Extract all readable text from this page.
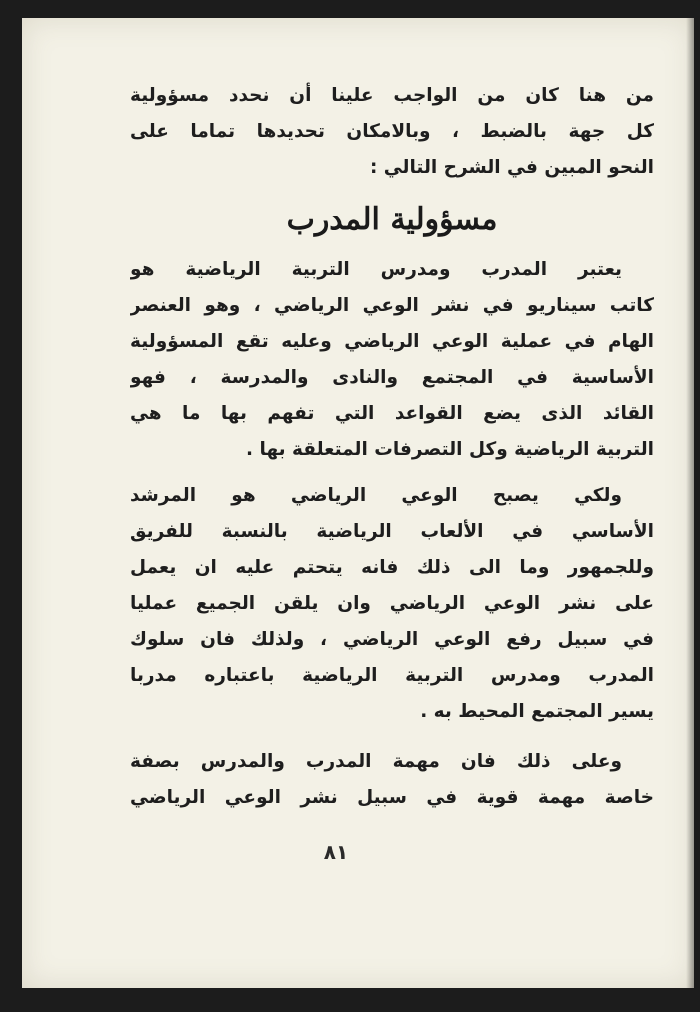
من هنا كان من الواجب علينا أن نحدد مسؤولية
كل جهة بالضبط ، وبالامكان تحديدها تماما على
النحو المبين في الشرح التالي :
مسؤولية المدرب
يعتبر المدرب ومدرس التربية الرياضية هو
كاتب سيناريو في نشر الوعي الرياضي ، وهو العنصر
الهام في عملية الوعي الرياضي وعليه تقع المسؤولية
الأساسية في المجتمع والنادى والمدرسة ، فهو
القائد الذى يضع القواعد التي تفهم بها ما هي
التربية الرياضية وكل التصرفات المتعلقة بها .
ولكي يصبح الوعي الرياضي هو المرشد
الأساسي في الألعاب الرياضية بالنسبة للفريق
وللجمهور وما الى ذلك فانه يتحتم عليه ان يعمل
على نشر الوعي الرياضي وان يلقن الجميع عمليا
في سبيل رفع الوعي الرياضي ، ولذلك فان سلوك
المدرب ومدرس التربية الرياضية باعتباره مدربا
يسير المجتمع المحيط به .
وعلى ذلك فان مهمة المدرب والمدرس بصفة
خاصة مهمة قوية في سبيل نشر الوعي الرياضي
٨١
